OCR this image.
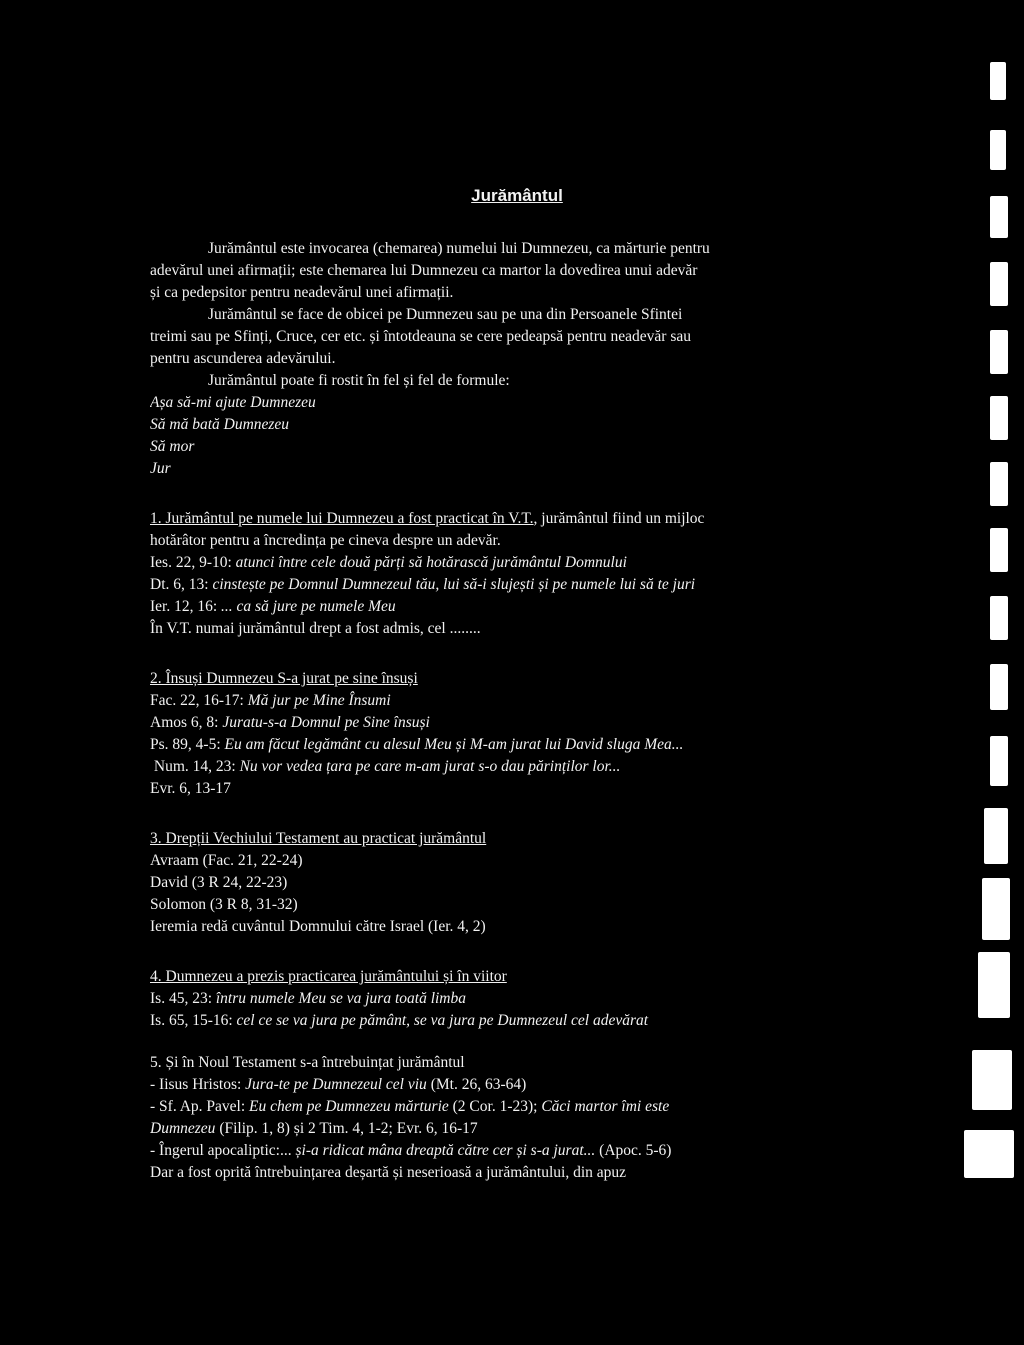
Jurământul
Jurământul este invocarea (chemarea) numelui lui Dumnezeu, ca mărturie pentru
adevărul unei afirmații; este chemarea lui Dumnezeu ca martor la dovedirea unui adevăr
și ca pedepsitor pentru neadevărul unei afirmații.
Jurământul se face de obicei pe Dumnezeu sau pe una din Persoanele Sfintei
treimi sau pe Sfinți, Cruce, cer etc. și întotdeauna se cere pedeapsă pentru neadevăr sau
pentru ascunderea adevărului.
Jurământul poate fi rostit în fel și fel de formule:
Așa să-mi ajute Dumnezeu
Să mă bată Dumnezeu
Să mor
Jur
1. Jurământul pe numele lui Dumnezeu a fost practicat în V.T., jurământul fiind un mijloc
hotărâtor pentru a încredința pe cineva despre un adevăr.
Ies. 22, 9-10: atunci între cele două părți să hotărască jurământul Domnului
Dt. 6, 13: cinstește pe Domnul Dumnezeul tău, lui să-i slujești și pe numele lui să te juri
Ier. 12, 16: ... ca să jure pe numele Meu
În V.T. numai jurământul drept a fost admis, cel ........
2. Însuși Dumnezeu S-a jurat pe sine însuși
Fac. 22, 16-17: Mă jur pe Mine Însumi
Amos 6, 8: Juratu-s-a Domnul pe Sine însuși
Ps. 89, 4-5: Eu am făcut legământ cu alesul Meu și M-am jurat lui David sluga Mea...
Num. 14, 23: Nu vor vedea țara pe care m-am jurat s-o dau părinților lor...
Evr. 6, 13-17
3. Drepții Vechiului Testament au practicat jurământul
Avraam (Fac. 21, 22-24)
David (3 R 24, 22-23)
Solomon (3 R 8, 31-32)
Ieremia redă cuvântul Domnului către Israel (Ier. 4, 2)
4. Dumnezeu a prezis practicarea jurământului și în viitor
Is. 45, 23: întru numele Meu se va jura toată limba
Is. 65, 15-16: cel ce se va jura pe pământ, se va jura pe Dumnezeul cel adevărat
5. Și în Noul Testament s-a întrebuințat jurământul
- Iisus Hristos: Jura-te pe Dumnezeul cel viu (Mt. 26, 63-64)
- Sf. Ap. Pavel: Eu chem pe Dumnezeu mărturie (2 Cor. 1-23); Căci martor îmi este
Dumnezeu (Filip. 1, 8) și 2 Tim. 4, 1-2; Evr. 6, 16-17
- Îngerul apocaliptic:... și-a ridicat mâna dreaptă către cer și s-a jurat... (Apoc. 5-6)
Dar a fost oprită întrebuințarea deșartă și neserioasă a jurământului, din apuz
